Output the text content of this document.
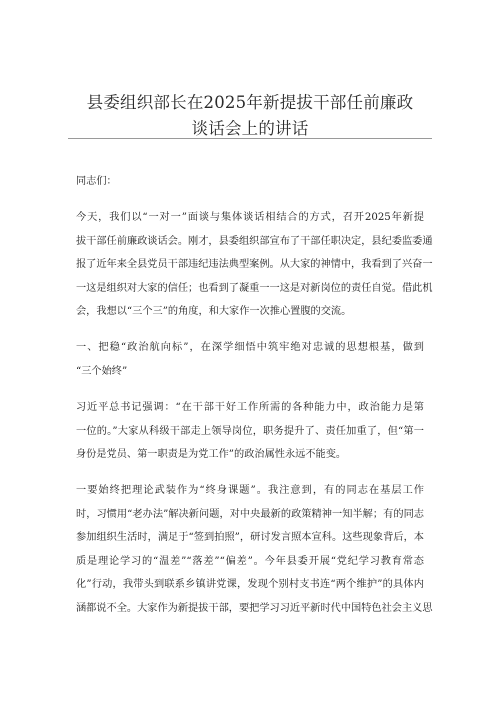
县委组织部长在2025年新提拔干部任前廉政
谈话会上的讲话
同志们：
今天，我们以“一对一”面谈与集体谈话相结合的方式，召开2025年新提
拔干部任前廉政谈话会。刚才，县委组织部宣布了干部任职决定，县纪委监委通
报了近年来全县党员干部违纪违法典型案例。从大家的神情中，我看到了兴奋一
一这是组织对大家的信任；也看到了凝重一一这是对新岗位的责任自觉。借此机
会，我想以“三个三”的角度，和大家作一次推心置腹的交流。
一、把稳“政治航向标”，在深学细悟中筑牢绝对忠诚的思想根基，做到
“三个始终”
习近平总书记强调：“在干部干好工作所需的各种能力中，政治能力是第
一位的。”大家从科级干部走上领导岗位，职务提升了、责任加重了，但“第一
身份是党员、第一职责是为党工作”的政治属性永远不能变。
一要始终把理论武装作为“终身课题”。我注意到，有的同志在基层工作
时，习惯用“老办法”解决新问题，对中央最新的政策精神一知半解；有的同志
参加组织生活时，满足于“签到拍照”，研讨发言照本宣科。这些现象背后，本
质是理论学习的“温差”“落差”“偏差”。今年县委开展“党纪学习教育常态
化”行动，我带头到联系乡镇讲党课，发现个别村支书连“两个维护”的具体内
涵都说不全。大家作为新提拔干部，要把学习习近平新时代中国特色社会主义思
